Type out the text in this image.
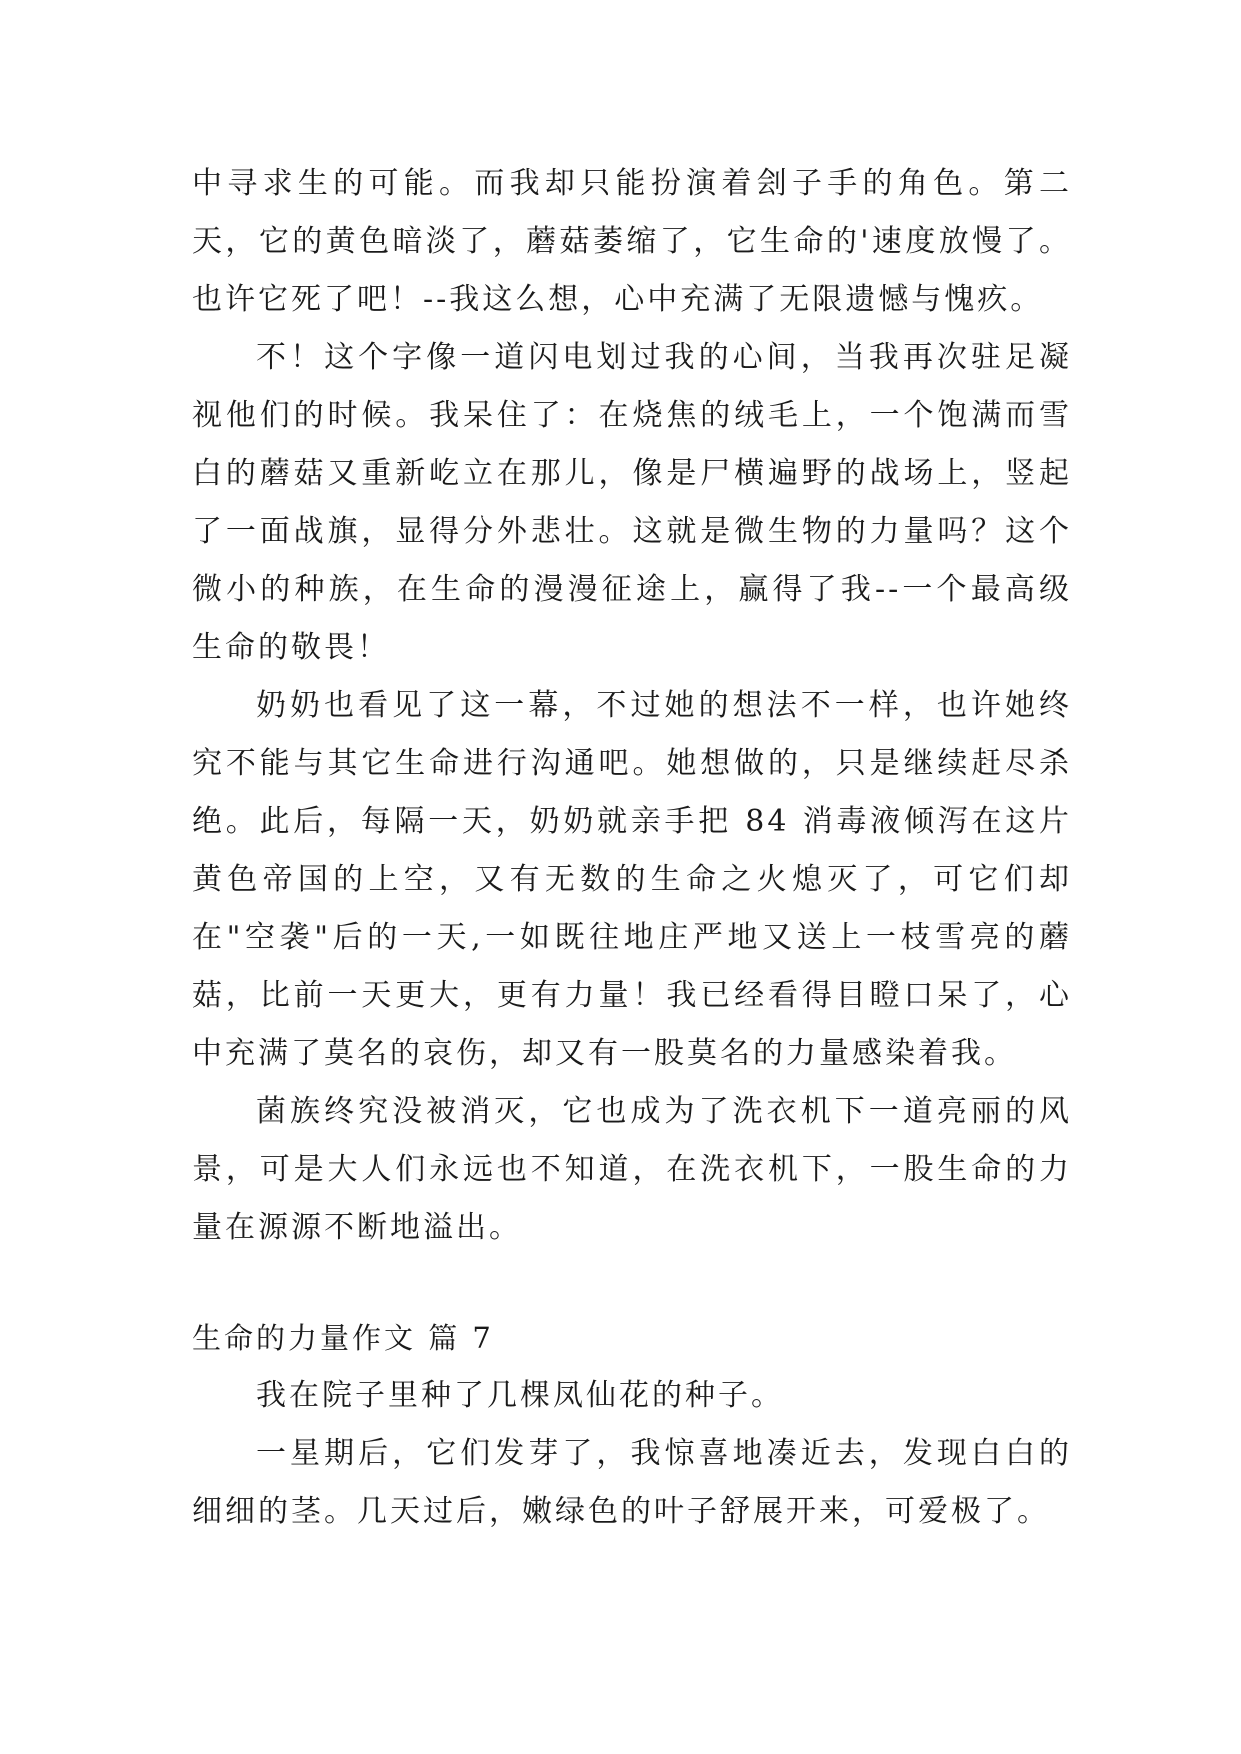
中寻求生的可能。而我却只能扮演着刽子手的角色。第二天，它的黄色暗淡了，蘑菇萎缩了，它生命的'速度放慢了。也许它死了吧！--我这么想，心中充满了无限遗憾与愧疚。

不！这个字像一道闪电划过我的心间，当我再次驻足凝视他们的时候。我呆住了：在烧焦的绒毛上，一个饱满而雪白的蘑菇又重新屹立在那儿，像是尸横遍野的战场上，竖起了一面战旗，显得分外悲壮。这就是微生物的力量吗？这个微小的种族，在生命的漫漫征途上，赢得了我--一个最高级生命的敬畏！

奶奶也看见了这一幕，不过她的想法不一样，也许她终究不能与其它生命进行沟通吧。她想做的，只是继续赶尽杀绝。此后，每隔一天，奶奶就亲手把 84 消毒液倾泻在这片黄色帝国的上空，又有无数的生命之火熄灭了，可它们却在"空袭"后的一天,一如既往地庄严地又送上一枝雪亮的蘑菇，比前一天更大，更有力量！我已经看得目瞪口呆了，心中充满了莫名的哀伤，却又有一股莫名的力量感染着我。

菌族终究没被消灭，它也成为了洗衣机下一道亮丽的风景，可是大人们永远也不知道，在洗衣机下，一股生命的力量在源源不断地溢出。

生命的力量作文 篇 7

我在院子里种了几棵凤仙花的种子。

一星期后，它们发芽了，我惊喜地凑近去，发现白白的细细的茎。几天过后，嫩绿色的叶子舒展开来，可爱极了。
